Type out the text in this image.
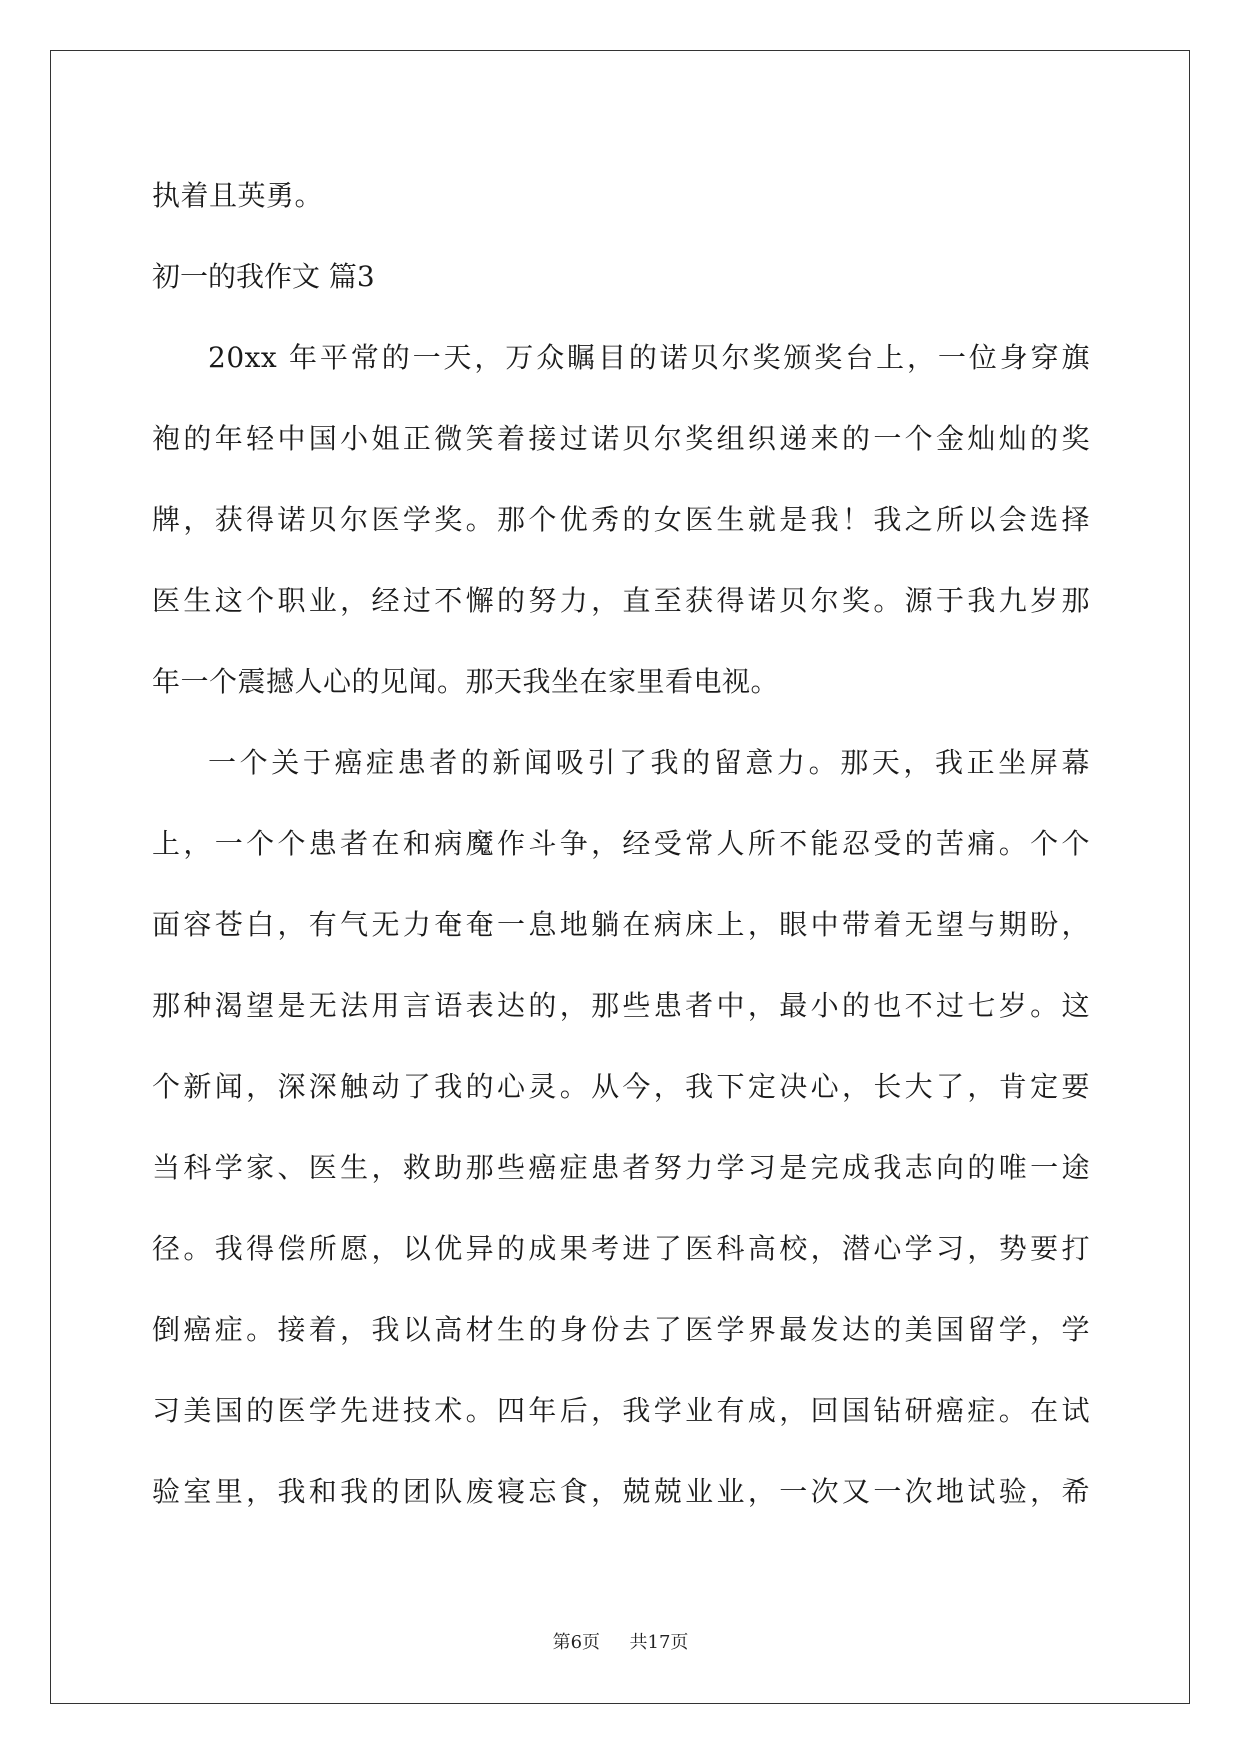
执着且英勇。
初一的我作文 篇3
20xx 年平常的一天，万众瞩目的诺贝尔奖颁奖台上，一位身穿旗
袍的年轻中国小姐正微笑着接过诺贝尔奖组织递来的一个金灿灿的奖
牌，获得诺贝尔医学奖。那个优秀的女医生就是我！我之所以会选择
医生这个职业，经过不懈的努力，直至获得诺贝尔奖。源于我九岁那
年一个震撼人心的见闻。那天我坐在家里看电视。
一个关于癌症患者的新闻吸引了我的留意力。那天，我正坐屏幕
上，一个个患者在和病魔作斗争，经受常人所不能忍受的苦痛。个个
面容苍白，有气无力奄奄一息地躺在病床上，眼中带着无望与期盼，
那种渴望是无法用言语表达的，那些患者中，最小的也不过七岁。这
个新闻，深深触动了我的心灵。从今，我下定决心，长大了，肯定要
当科学家、医生，救助那些癌症患者努力学习是完成我志向的唯一途
径。我得偿所愿，以优异的成果考进了医科高校，潜心学习，势要打
倒癌症。接着，我以高材生的身份去了医学界最发达的美国留学，学
习美国的医学先进技术。四年后，我学业有成，回国钻研癌症。在试
验室里，我和我的团队废寝忘食，兢兢业业，一次又一次地试验，希
第6页 共17页
